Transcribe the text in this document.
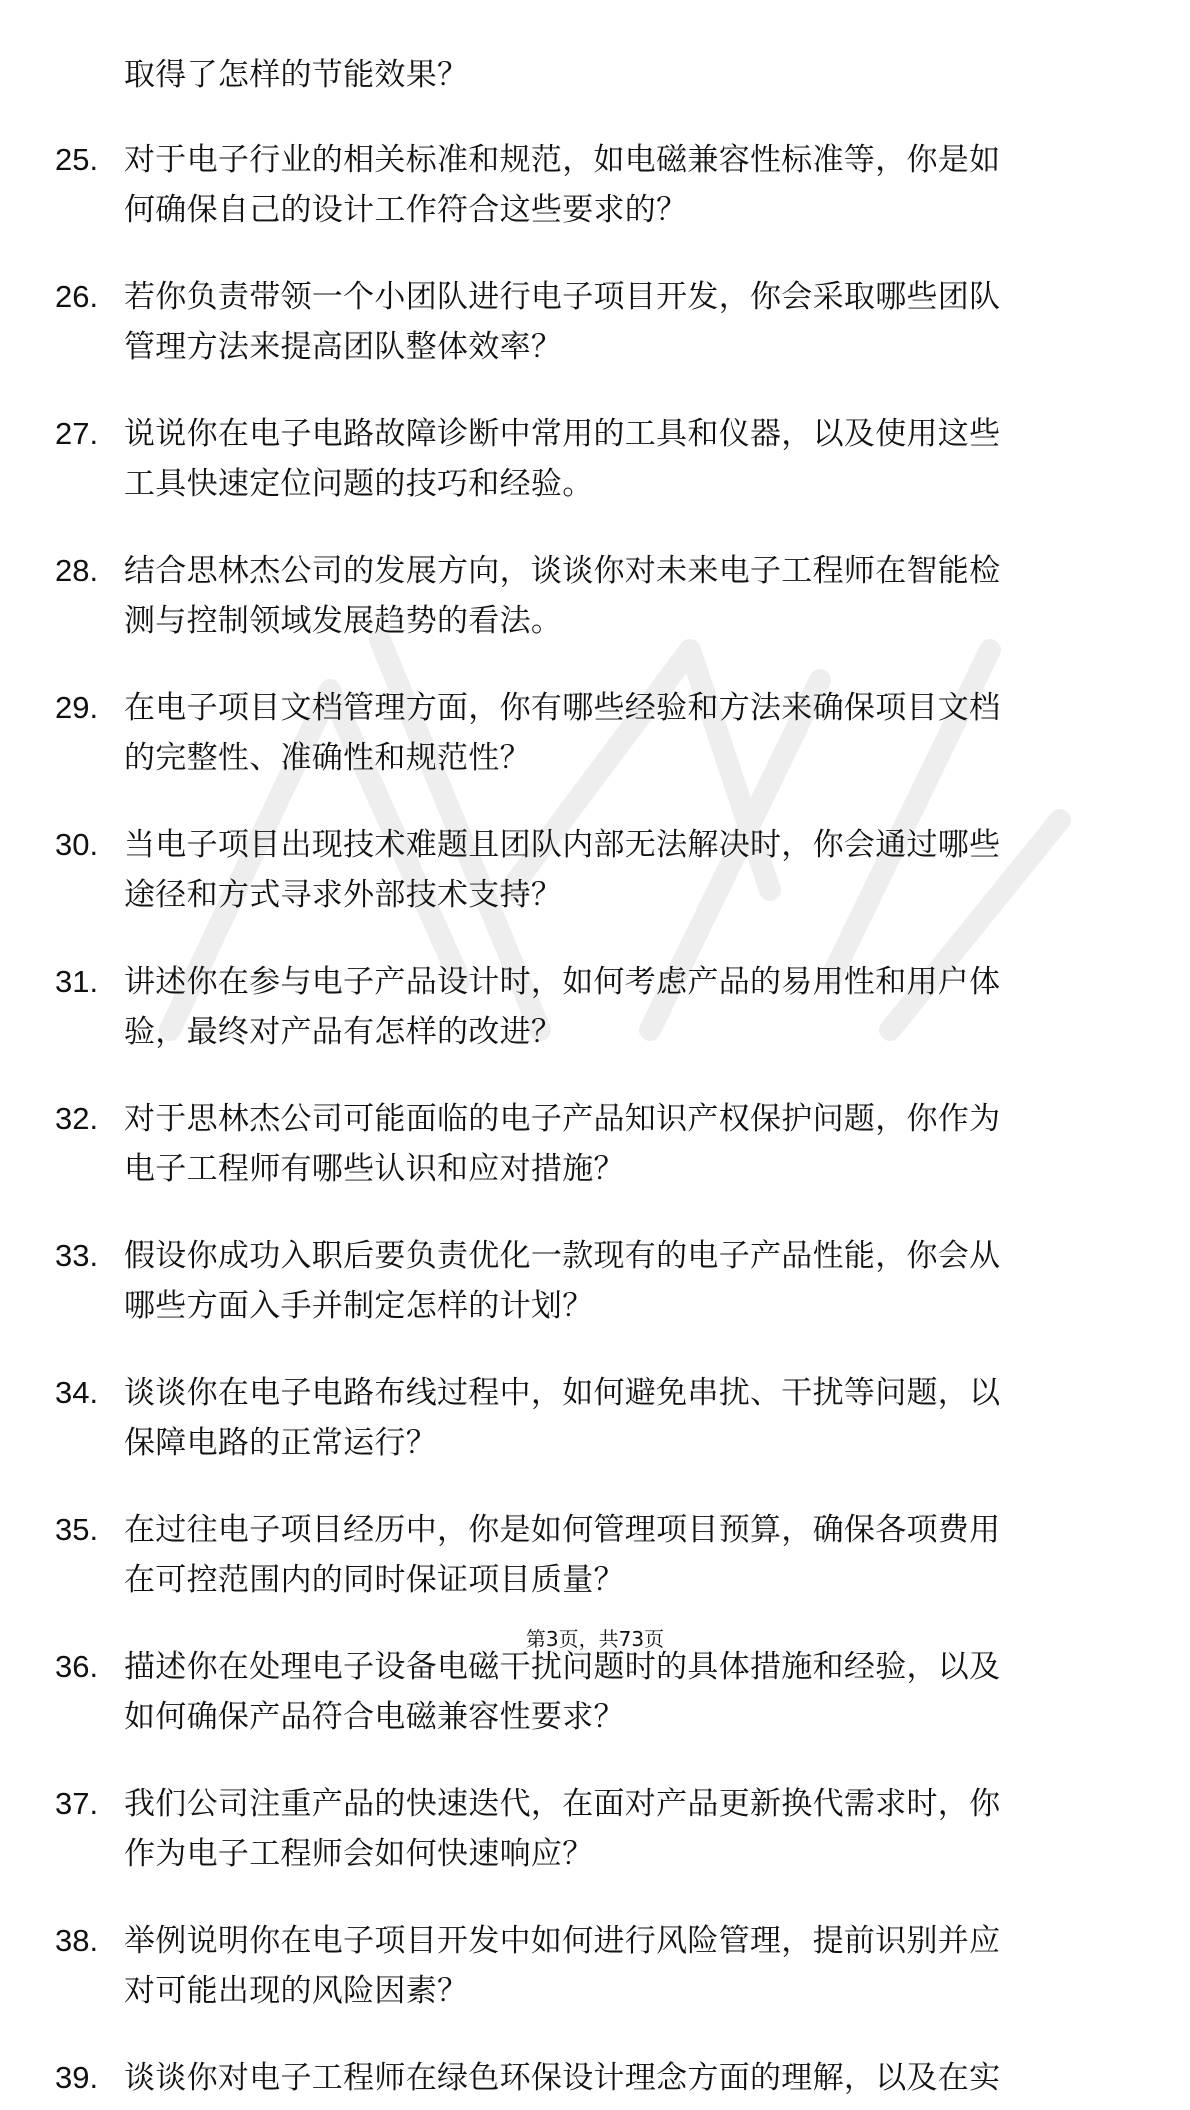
取得了怎样的节能效果？
25. 对于电子行业的相关标准和规范，如电磁兼容性标准等，你是如
何确保自己的设计工作符合这些要求的？
26. 若你负责带领一个小团队进行电子项目开发，你会采取哪些团队
管理方法来提高团队整体效率？
27. 说说你在电子电路故障诊断中常用的工具和仪器，以及使用这些
工具快速定位问题的技巧和经验。
28. 结合思林杰公司的发展方向，谈谈你对未来电子工程师在智能检
测与控制领域发展趋势的看法。
29. 在电子项目文档管理方面，你有哪些经验和方法来确保项目文档
的完整性、准确性和规范性？
30. 当电子项目出现技术难题且团队内部无法解决时，你会通过哪些
途径和方式寻求外部技术支持？
31. 讲述你在参与电子产品设计时，如何考虑产品的易用性和用户体
验，最终对产品有怎样的改进？
32. 对于思林杰公司可能面临的电子产品知识产权保护问题，你作为
电子工程师有哪些认识和应对措施？
33. 假设你成功入职后要负责优化一款现有的电子产品性能，你会从
哪些方面入手并制定怎样的计划？
34. 谈谈你在电子电路布线过程中，如何避免串扰、干扰等问题，以
保障电路的正常运行？
35. 在过往电子项目经历中，你是如何管理项目预算，确保各项费用
在可控范围内的同时保证项目质量？
36. 描述你在处理电子设备电磁干扰问题时的具体措施和经验，以及
如何确保产品符合电磁兼容性要求？
37. 我们公司注重产品的快速迭代，在面对产品更新换代需求时，你
作为电子工程师会如何快速响应？
38. 举例说明你在电子项目开发中如何进行风险管理，提前识别并应
对可能出现的风险因素？
39. 谈谈你对电子工程师在绿色环保设计理念方面的理解，以及在实
第3页，共73页
